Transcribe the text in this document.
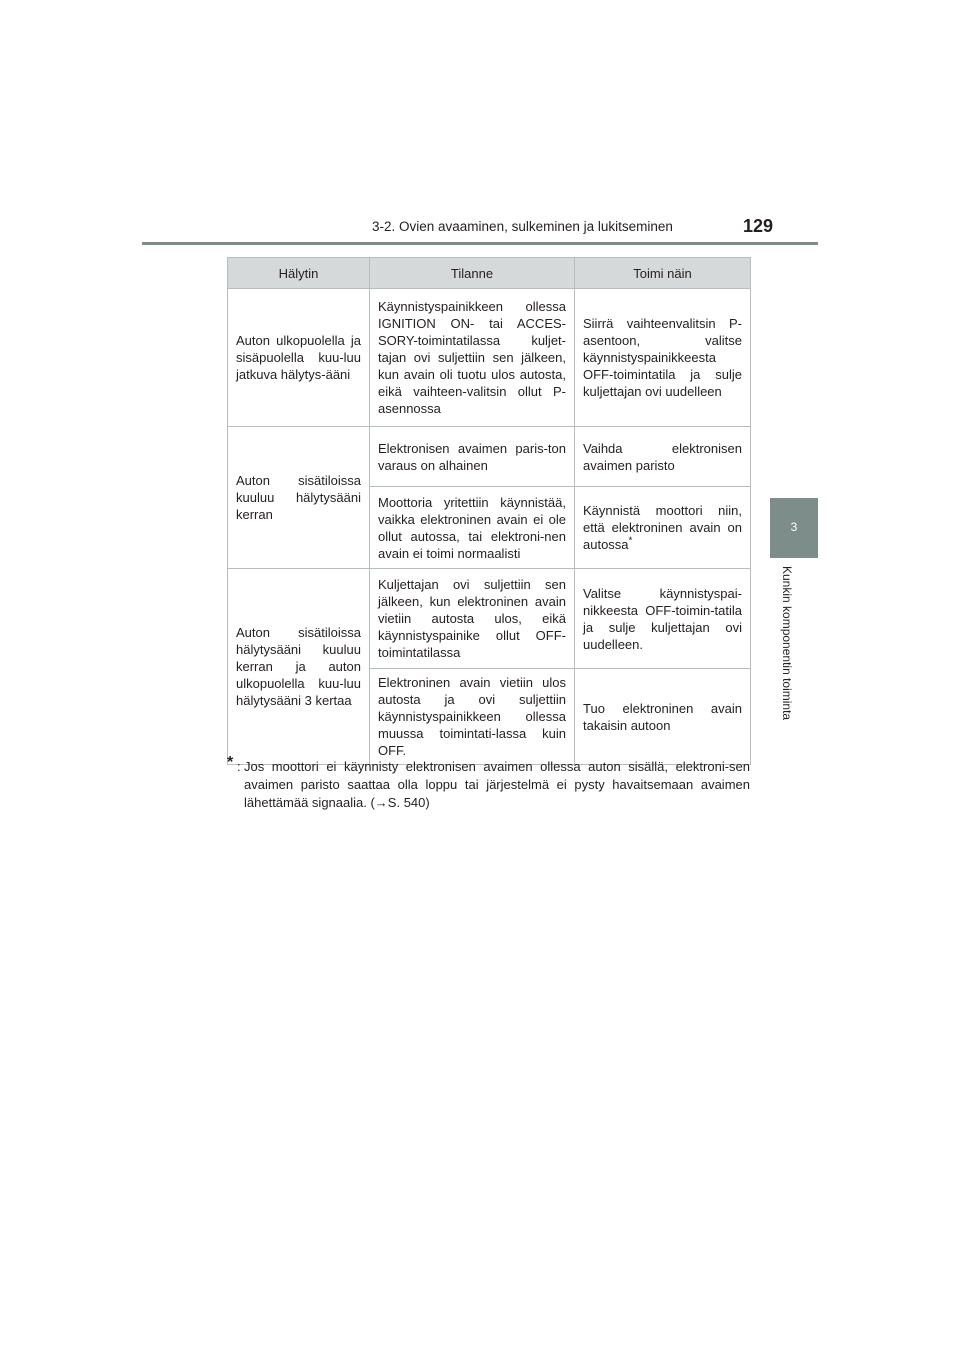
3-2. Ovien avaaminen, sulkeminen ja lukitseminen	129
3
Kunkin komponentin toiminta
Hälytin	Tilanne	Toimi näin
Auton ulkopuolella ja sisäpuolella kuu-luu jatkuva hälytys-ääni	Käynnistyspainikkeen ollessa IGNITION ON- tai ACCES-SORY-toimintatilassa kuljet-tajan ovi suljettiin sen jälkeen, kun avain oli tuotu ulos autosta, eikä vaihteen-valitsin ollut P-asennossa	Siirrä vaihteenvalitsin P-asentoon, valitse käynnistyspainikkeesta OFF-toimintatila ja sulje kuljettajan ovi uudelleen
Auton sisätiloissa kuuluu hälytysääni kerran	Elektronisen avaimen paris-ton varaus on alhainen	Vaihda elektronisen avaimen paristo
	Moottoria yritettiin käynnistää, vaikka elektroninen avain ei ole ollut autossa, tai elektroni-nen avain ei toimi normaalisti	Käynnistä moottori niin, että elektroninen avain on autossa*
Auton sisätiloissa hälytysääni kuuluu kerran ja auton ulkopuolella kuu-luu hälytysääni 3 kertaa	Kuljettajan ovi suljettiin sen jälkeen, kun elektroninen avain vietiin autosta ulos, eikä käynnistyspainike ollut OFF-toimintatilassa	Valitse käynnistyspai-nikkeesta OFF-toimin-tatila ja sulje kuljettajan ovi uudelleen.
	Elektroninen avain vietiin ulos autosta ja ovi suljettiin käynnistyspainikkeen ollessa muussa toimintati-lassa kuin OFF.	Tuo elektroninen avain takaisin autoon
* : Jos moottori ei käynnisty elektronisen avaimen ollessa auton sisällä, elektroni-sen avaimen paristo saattaa olla loppu tai järjestelmä ei pysty havaitsemaan avaimen lähettämää signaalia. (→S. 540)
